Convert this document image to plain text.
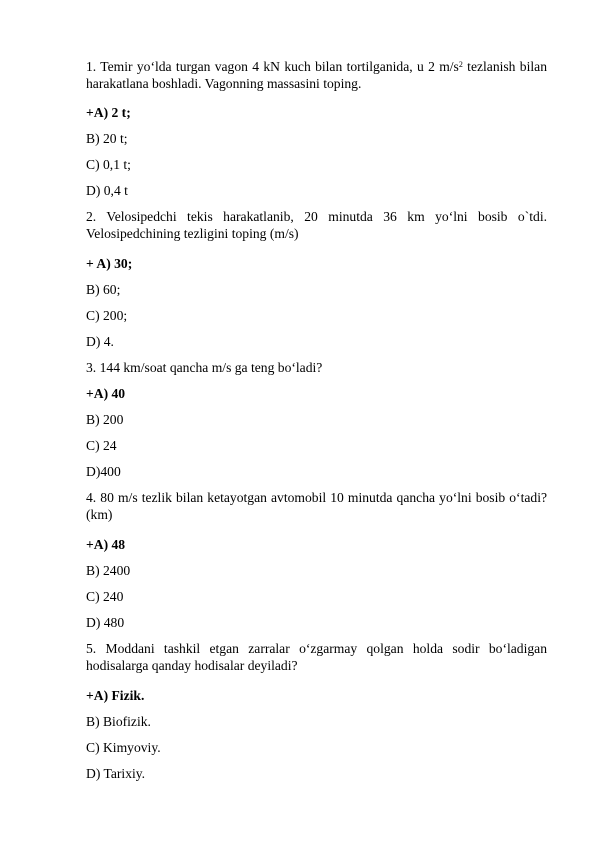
1. Temir yo‘lda turgan vagon 4 kN kuch bilan tortilganida, u 2 $m/s^2$ tezlanish bilan harakatlana boshladi. Vagonning massasini toping.
+A) 2 t;
B) 20 t;
C) 0,1 t;
D) 0,4 t
2. Velosipedchi tekis harakatlanib, 20 minutda 36 km yo‘lni bosib o`tdi. Velosipedchining tezligini toping (m/s)
+ A) 30;
B) 60;
C) 200;
D) 4.
3. 144 km/soat qancha m/s ga teng bo‘ladi?
+A) 40
B) 200
C) 24
D)400
4. 80 m/s tezlik bilan ketayotgan avtomobil 10 minutda qancha yo‘lni bosib o‘tadi? (km)
+A) 48
B) 2400
C) 240
D) 480
5. Moddani tashkil etgan zarralar o‘zgarmay qolgan holda sodir bo‘ladigan hodisalarga qanday hodisalar deyiladi?
+A) Fizik.
B) Biofizik.
C) Kimyoviy.
D) Tarixiy.
